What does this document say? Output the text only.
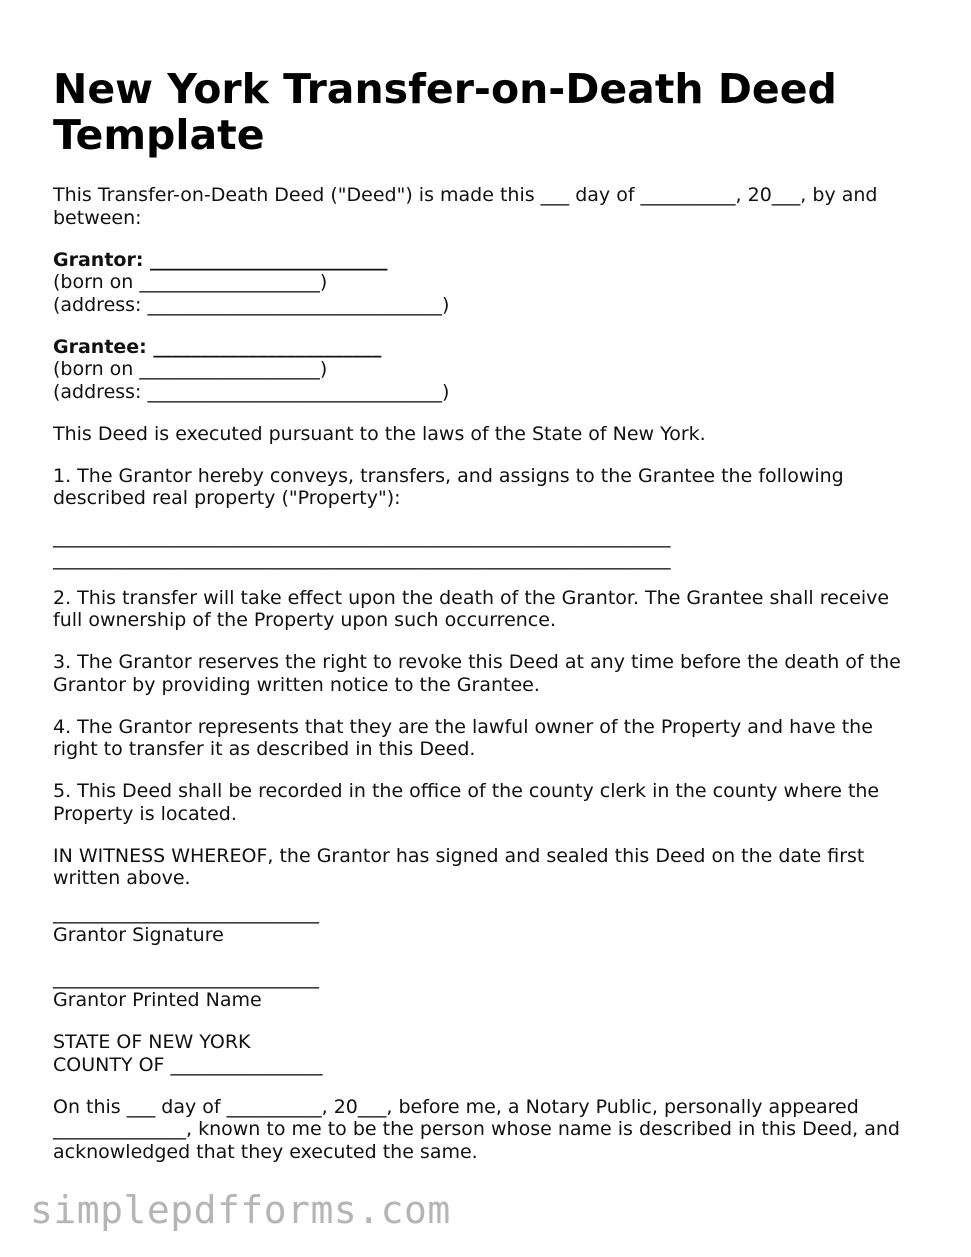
New York Transfer-on-Death Deed Template

This Transfer-on-Death Deed ("Deed") is made this ___ day of __________, 20___, by and between:

Grantor: _________________________
(born on ___________________)
(address: _______________________________)
Grantee: ________________________
(born on ___________________)
(address: _______________________________)

This Deed is executed pursuant to the laws of the State of New York.

1. The Grantor hereby conveys, transfers, and assigns to the Grantee the following described real property ("Property"):

_________________________________________________________________
_________________________________________________________________

2. This transfer will take effect upon the death of the Grantor. The Grantee shall receive full ownership of the Property upon such occurrence.

3. The Grantor reserves the right to revoke this Deed at any time before the death of the Grantor by providing written notice to the Grantee.

4. The Grantor represents that they are the lawful owner of the Property and have the right to transfer it as described in this Deed.

5. This Deed shall be recorded in the office of the county clerk in the county where the Property is located.

IN WITNESS WHEREOF, the Grantor has signed and sealed this Deed on the date first written above.

____________________________
Grantor Signature
____________________________
Grantor Printed Name
STATE OF NEW YORK
COUNTY OF ________________

On this ___ day of __________, 20___, before me, a Notary Public, personally appeared ______________, known to me to be the person whose name is described in this Deed, and acknowledged that they executed the same.

simplepdfforms.com
